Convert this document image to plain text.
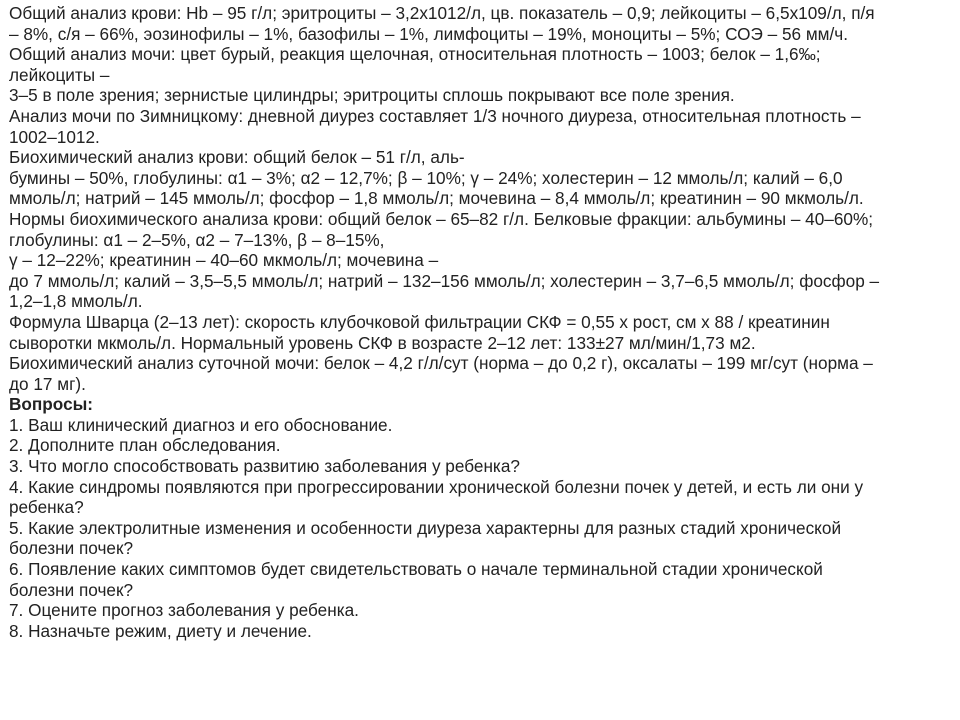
Общий анализ крови: Hb – 95 г/л; эритроциты – 3,2х1012/л, цв. показатель – 0,9; лейкоциты – 6,5х109/л, п/я
– 8%, с/я – 66%, эозинофилы – 1%, базофилы – 1%, лимфоциты – 19%, моноциты – 5%; СОЭ – 56 мм/ч.
Общий анализ мочи: цвет бурый, реакция щелочная, относительная плотность – 1003; белок – 1,6‰;
лейкоциты –
3–5 в поле зрения; зернистые цилиндры; эритроциты сплошь покрывают все поле зрения.
Анализ мочи по Зимницкому: дневной диурез составляет 1/3 ночного диуреза, относительная плотность –
1002–1012.
Биохимический анализ крови: общий белок – 51 г/л, аль-
бумины – 50%, глобулины: α1 – 3%; α2 – 12,7%; β – 10%; γ – 24%; холестерин – 12 ммоль/л; калий – 6,0
ммоль/л; натрий – 145 ммоль/л; фосфор – 1,8 ммоль/л; мочевина – 8,4 ммоль/л; креатинин – 90 мкмоль/л.
Нормы биохимического анализа крови: общий белок – 65–82 г/л. Белковые фракции: альбумины – 40–60%;
глобулины: α1 – 2–5%, α2 – 7–13%, β – 8–15%,
γ – 12–22%; креатинин – 40–60 мкмоль/л; мочевина –
до 7 ммоль/л; калий – 3,5–5,5 ммоль/л; натрий – 132–156 ммоль/л; холестерин – 3,7–6,5 ммоль/л; фосфор –
1,2–1,8 ммоль/л.
Формула Шварца (2–13 лет): скорость клубочковой фильтрации СКФ = 0,55 х рост, см х 88 / креатинин
сыворотки мкмоль/л. Нормальный уровень СКФ в возрасте 2–12 лет: 133±27 мл/мин/1,73 м2.
Биохимический анализ суточной мочи: белок – 4,2 г/л/сут (норма – до 0,2 г), оксалаты – 199 мг/сут (норма –
до 17 мг).
Вопросы:
1. Ваш клинический диагноз и его обоснование.
2. Дополните план обследования.
3. Что могло способствовать развитию заболевания у ребенка?
4. Какие синдромы появляются при прогрессировании хронической болезни почек у детей, и есть ли они у
ребенка?
5. Какие электролитные изменения и особенности диуреза характерны для разных стадий хронической
болезни почек?
6. Появление каких симптомов будет свидетельствовать о начале терминальной стадии хронической
болезни почек?
7. Оцените прогноз заболевания у ребенка.
8. Назначьте режим, диету и лечение.
